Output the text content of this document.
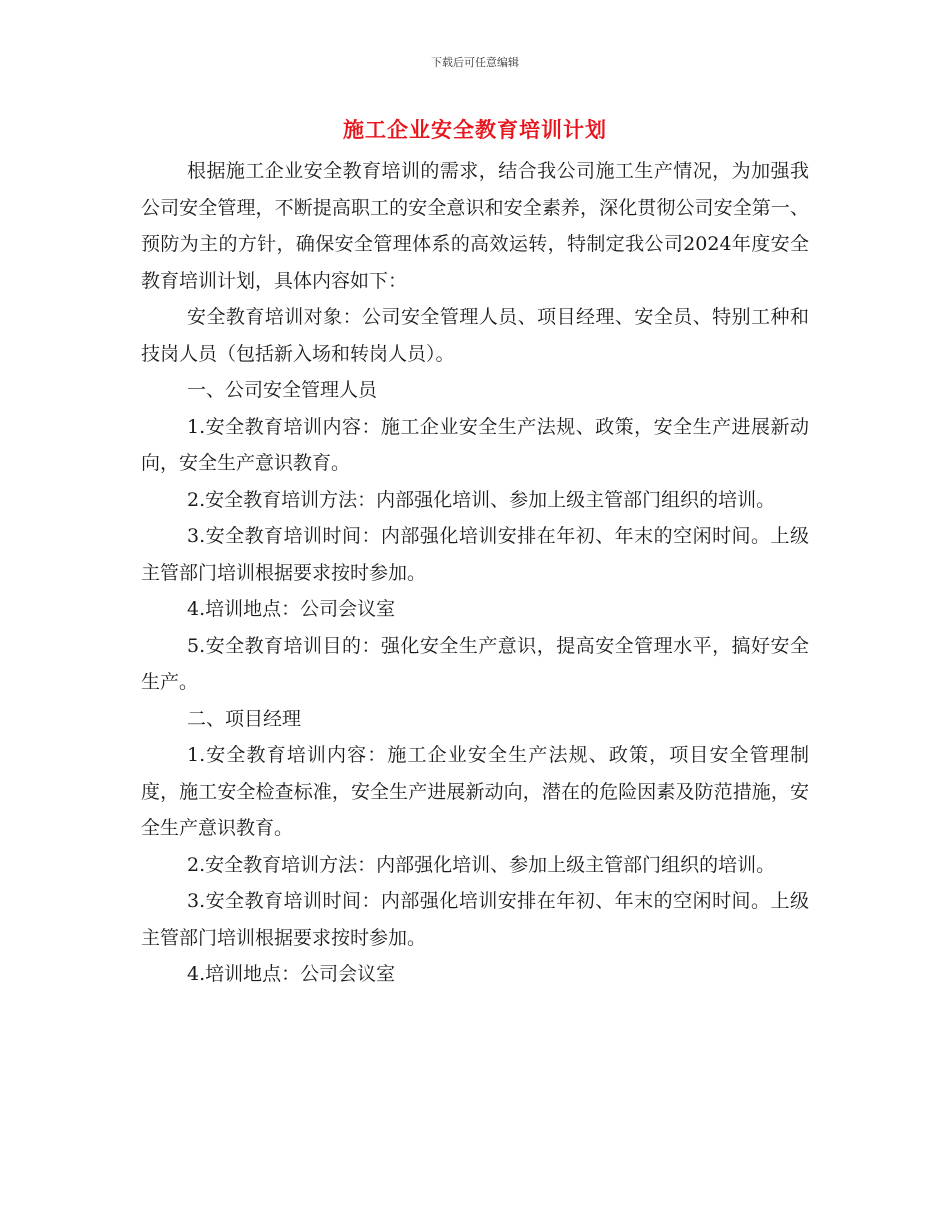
下载后可任意编辑
施工企业安全教育培训计划

根据施工企业安全教育培训的需求，结合我公司施工生产情况，为加强我公司安全管理，不断提高职工的安全意识和安全素养，深化贯彻公司安全第一、预防为主的方针，确保安全管理体系的高效运转，特制定我公司2024年度安全教育培训计划，具体内容如下：

安全教育培训对象：公司安全管理人员、项目经理、安全员、特别工种和技岗人员（包括新入场和转岗人员）。

一、公司安全管理人员

1.安全教育培训内容：施工企业安全生产法规、政策，安全生产进展新动向，安全生产意识教育。

2.安全教育培训方法：内部强化培训、参加上级主管部门组织的培训。

3.安全教育培训时间：内部强化培训安排在年初、年末的空闲时间。上级主管部门培训根据要求按时参加。

4.培训地点：公司会议室

5.安全教育培训目的：强化安全生产意识，提高安全管理水平，搞好安全生产。

二、项目经理

1.安全教育培训内容：施工企业安全生产法规、政策，项目安全管理制度，施工安全检查标准，安全生产进展新动向，潜在的危险因素及防范措施，安全生产意识教育。

2.安全教育培训方法：内部强化培训、参加上级主管部门组织的培训。

3.安全教育培训时间：内部强化培训安排在年初、年末的空闲时间。上级主管部门培训根据要求按时参加。

4.培训地点：公司会议室
